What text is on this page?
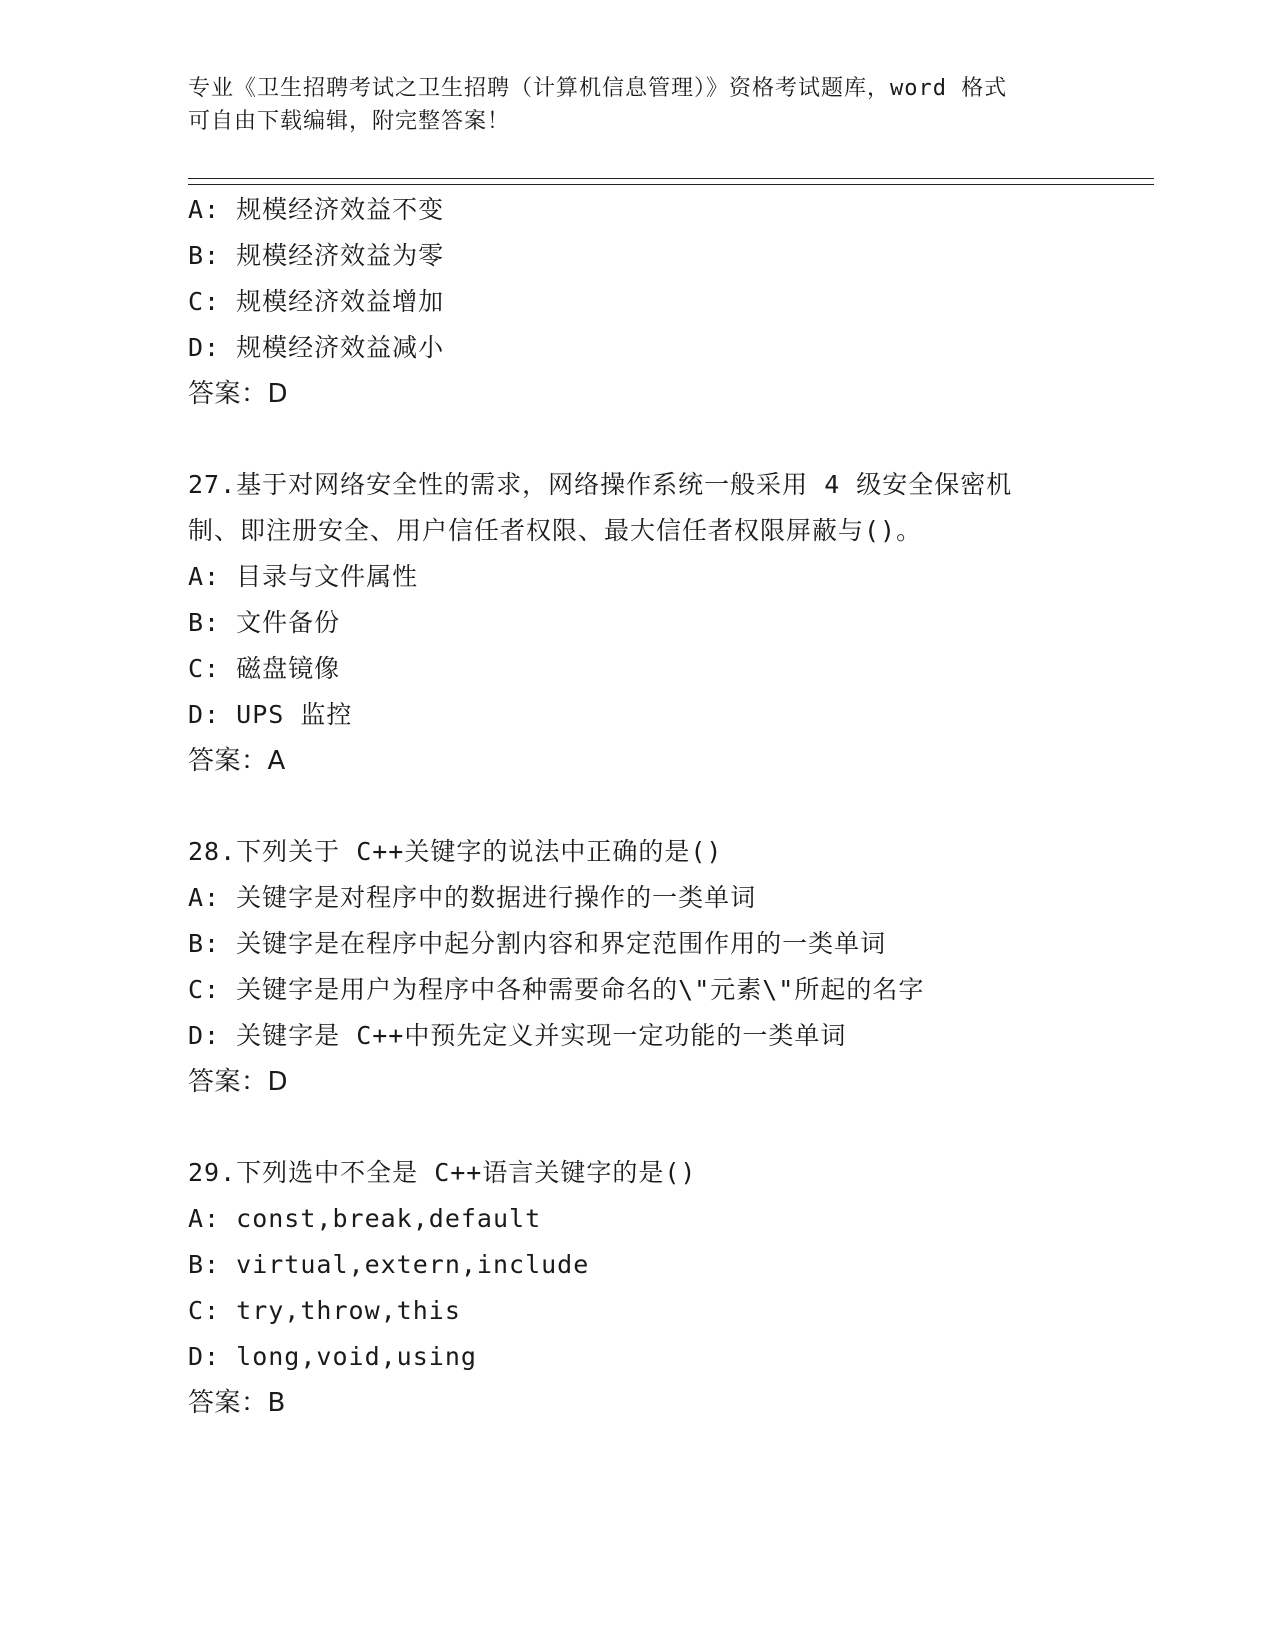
专业《卫生招聘考试之卫生招聘（计算机信息管理）》资格考试题库，word 格式
可自由下载编辑，附完整答案！
A: 规模经济效益不变
B: 规模经济效益为零
C: 规模经济效益增加
D: 规模经济效益减小
答案：D
27.基于对网络安全性的需求，网络操作系统一般采用 4 级安全保密机
制、即注册安全、用户信任者权限、最大信任者权限屏蔽与()。
A: 目录与文件属性
B: 文件备份
C: 磁盘镜像
D: UPS 监控
答案：A
28.下列关于 C++关键字的说法中正确的是()
A: 关键字是对程序中的数据进行操作的一类单词
B: 关键字是在程序中起分割内容和界定范围作用的一类单词
C: 关键字是用户为程序中各种需要命名的\"元素\"所起的名字
D: 关键字是 C++中预先定义并实现一定功能的一类单词
答案：D
29.下列选中不全是 C++语言关键字的是()
A: const,break,default
B: virtual,extern,include
C: try,throw,this
D: long,void,using
答案：B
